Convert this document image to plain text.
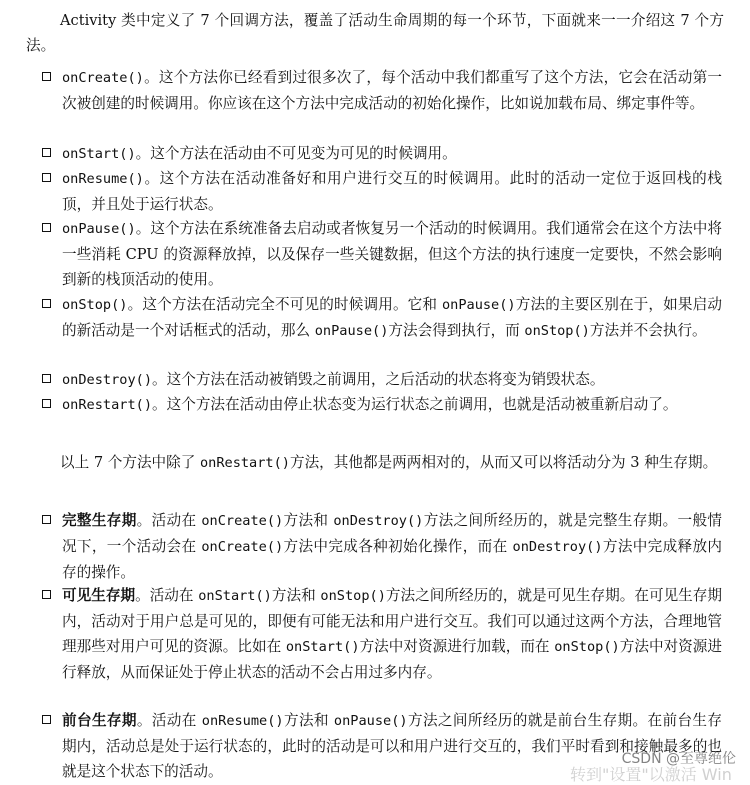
Activity 类中定义了 7 个回调方法，覆盖了活动生命周期的每一个环节，下面就来一一介绍这 7 个方法。
onCreate()。这个方法你已经看到过很多次了，每个活动中我们都重写了这个方法，它会在活动第一次被创建的时候调用。你应该在这个方法中完成活动的初始化操作，比如说加载布局、绑定事件等。
onStart()。这个方法在活动由不可见变为可见的时候调用。
onResume()。这个方法在活动准备好和用户进行交互的时候调用。此时的活动一定位于返回栈的栈顶，并且处于运行状态。
onPause()。这个方法在系统准备去启动或者恢复另一个活动的时候调用。我们通常会在这个方法中将一些消耗 CPU 的资源释放掉，以及保存一些关键数据，但这个方法的执行速度一定要快，不然会影响到新的栈顶活动的使用。
onStop()。这个方法在活动完全不可见的时候调用。它和 onPause()方法的主要区别在于，如果启动的新活动是一个对话框式的活动，那么 onPause()方法会得到执行，而 onStop()方法并不会执行。
onDestroy()。这个方法在活动被销毁之前调用，之后活动的状态将变为销毁状态。
onRestart()。这个方法在活动由停止状态变为运行状态之前调用，也就是活动被重新启动了。
以上 7 个方法中除了 onRestart()方法，其他都是两两相对的，从而又可以将活动分为 3 种生存期。
完整生存期。活动在 onCreate()方法和 onDestroy()方法之间所经历的，就是完整生存期。一般情况下，一个活动会在 onCreate()方法中完成各种初始化操作，而在 onDestroy()方法中完成释放内存的操作。
可见生存期。活动在 onStart()方法和 onStop()方法之间所经历的，就是可见生存期。在可见生存期内，活动对于用户总是可见的，即便有可能无法和用户进行交互。我们可以通过这两个方法，合理地管理那些对用户可见的资源。比如在 onStart()方法中对资源进行加载，而在 onStop()方法中对资源进行释放，从而保证处于停止状态的活动不会占用过多内存。
前台生存期。活动在 onResume()方法和 onPause()方法之间所经历的就是前台生存期。在前台生存期内，活动总是处于运行状态的，此时的活动是可以和用户进行交互的，我们平时看到和接触最多的也就是这个状态下的活动。
CSDN @至尊绝伦
转到"设置"以激活 Win
